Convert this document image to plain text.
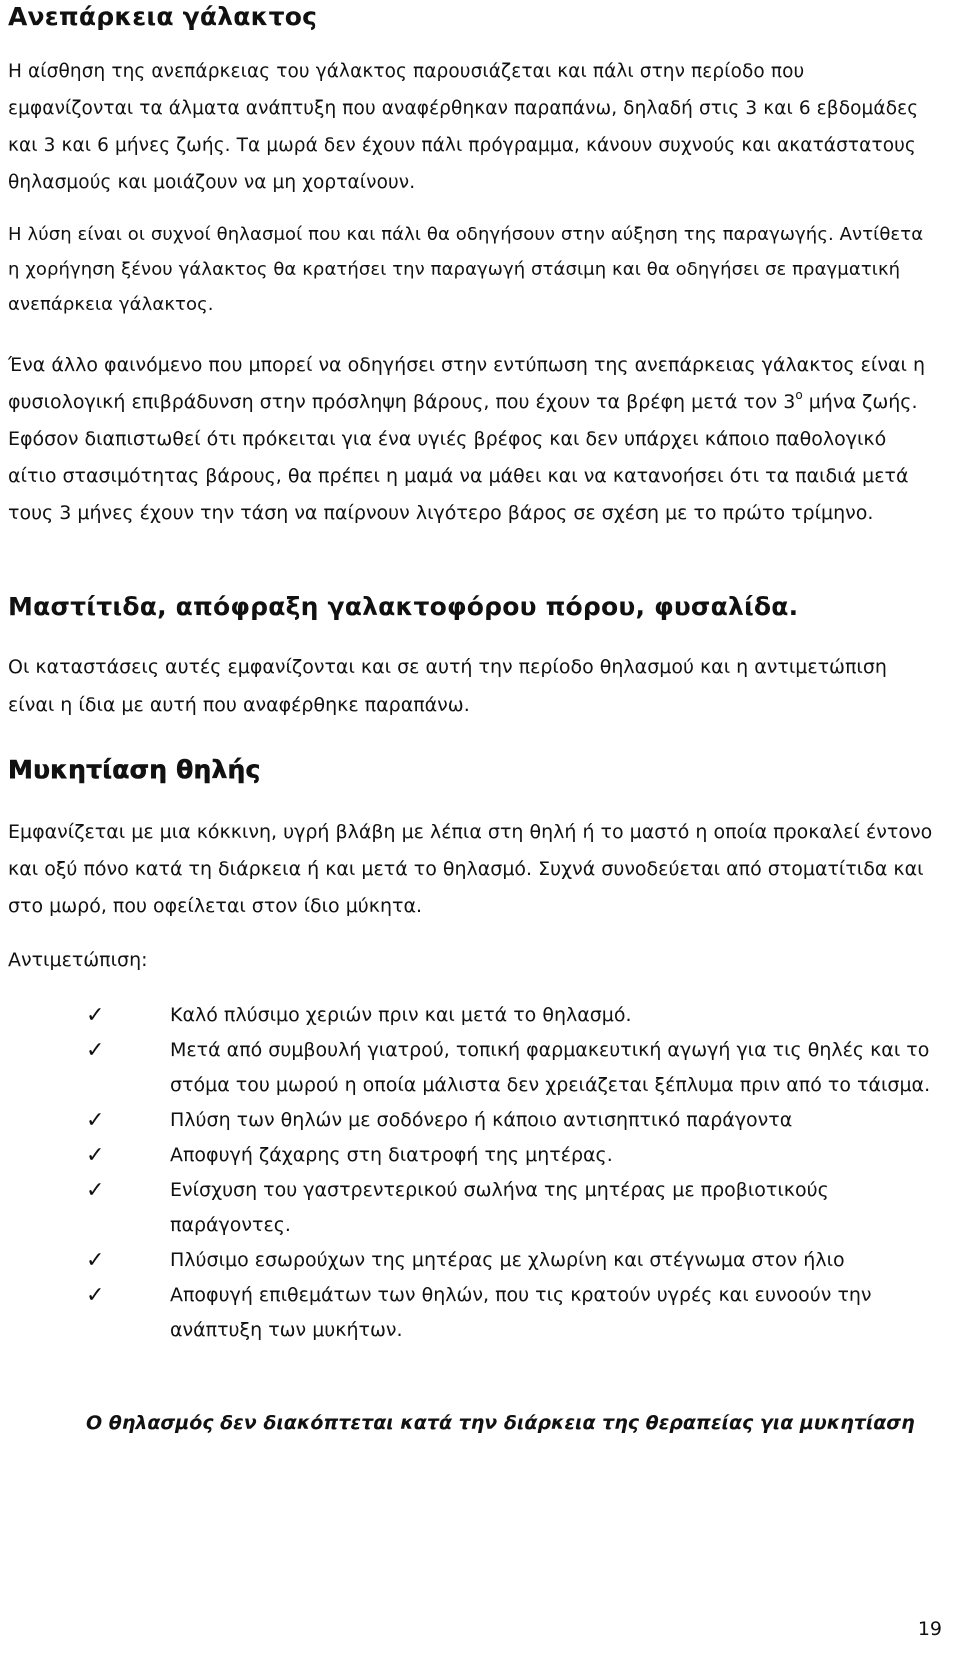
Ανεπάρκεια γάλακτος

Η αίσθηση της ανεπάρκειας του γάλακτος παρουσιάζεται και πάλι στην περίοδο που εμφανίζονται τα άλματα ανάπτυξη που αναφέρθηκαν παραπάνω, δηλαδή στις 3 και 6 εβδομάδες και 3 και 6 μήνες ζωής. Τα μωρά δεν έχουν πάλι πρόγραμμα, κάνουν συχνούς και ακατάστατους θηλασμούς και μοιάζουν να μη χορταίνουν.

Η λύση είναι οι συχνοί θηλασμοί που και πάλι θα οδηγήσουν στην αύξηση της παραγωγής. Αντίθετα η χορήγηση ξένου γάλακτος θα κρατήσει την παραγωγή στάσιμη και θα οδηγήσει σε πραγματική ανεπάρκεια γάλακτος.

Ένα άλλο φαινόμενο που μπορεί να οδηγήσει στην εντύπωση της ανεπάρκειας γάλακτος είναι η φυσιολογική επιβράδυνση στην πρόσληψη βάρους, που έχουν τα βρέφη μετά τον $3^o$ μήνα ζωής. Εφόσον διαπιστωθεί ότι πρόκειται για ένα υγιές βρέφος και δεν υπάρχει κάποιο παθολογικό αίτιο στασιμότητας βάρους, θα πρέπει η μαμά να μάθει και να κατανοήσει ότι τα παιδιά μετά τους 3 μήνες έχουν την τάση να παίρνουν λιγότερο βάρος σε σχέση με το πρώτο τρίμηνο.

Μαστίτιδα, απόφραξη γαλακτοφόρου πόρου, φυσαλίδα.

Οι καταστάσεις αυτές εμφανίζονται και σε αυτή την περίοδο θηλασμού και η αντιμετώπιση είναι η ίδια με αυτή που αναφέρθηκε παραπάνω.

Μυκητίαση θηλής

Εμφανίζεται με μια κόκκινη, υγρή βλάβη με λέπια στη θηλή ή το μαστό η οποία προκαλεί έντονο και οξύ πόνο κατά τη διάρκεια ή και μετά το θηλασμό. Συχνά συνοδεύεται από στοματίτιδα και στο μωρό, που οφείλεται στον ίδιο μύκητα.

Αντιμετώπιση:

✓	Καλό πλύσιμο χεριών πριν και μετά το θηλασμό.
✓	Μετά από συμβουλή γιατρού, τοπική φαρμακευτική αγωγή για τις θηλές και το στόμα του μωρού η οποία μάλιστα δεν χρειάζεται ξέπλυμα πριν από το τάισμα.
✓	Πλύση των θηλών με σοδόνερο ή κάποιο αντισηπτικό παράγοντα
✓	Αποφυγή ζάχαρης στη διατροφή της μητέρας.
✓	Ενίσχυση του γαστρεντερικού σωλήνα της μητέρας με προβιοτικούς παράγοντες.
✓	Πλύσιμο εσωρούχων της μητέρας με χλωρίνη και στέγνωμα στον ήλιο
✓	Αποφυγή επιθεμάτων των θηλών, που τις κρατούν υγρές και ευνοούν την ανάπτυξη των μυκήτων.

Ο θηλασμός δεν διακόπτεται κατά την διάρκεια της θεραπείας για μυκητίαση

19
